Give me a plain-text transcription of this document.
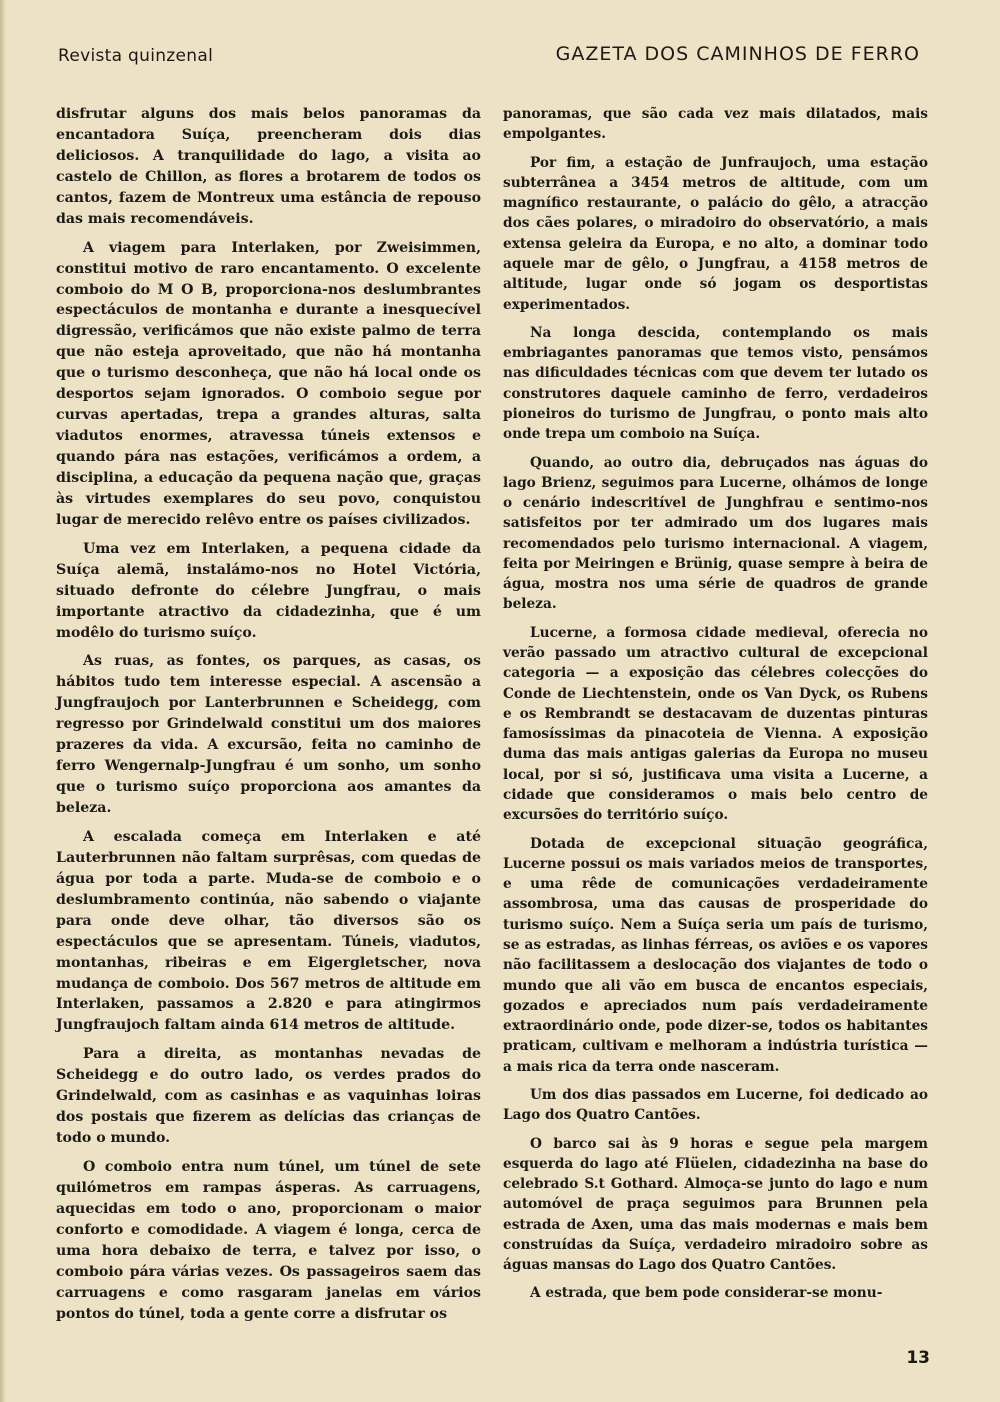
Revista quinzenal	GAZETA DOS CAMINHOS DE FERRO

disfrutar alguns dos mais belos panoramas da encantadora Suíça, preencheram dois dias deliciosos. A tranquilidade do lago, a visita ao castelo de Chillon, as flores a brotarem de todos os cantos, fazem de Montreux uma estância de repouso das mais recomendáveis.

A viagem para Interlaken, por Zweisimmen, constitui motivo de raro encantamento. O excelente comboio do M O B, proporciona-nos deslumbrantes espectáculos de montanha e durante a inesquecível digressão, verificámos que não existe palmo de terra que não esteja aproveitado, que não há montanha que o turismo desconheça, que não há local onde os desportos sejam ignorados. O comboio segue por curvas apertadas, trepa a grandes alturas, salta viadutos enormes, atravessa túneis extensos e quando pára nas estações, verificámos a ordem, a disciplina, a educação da pequena nação que, graças às virtudes exemplares do seu povo, conquistou lugar de merecido relêvo entre os países civilizados.

Uma vez em Interlaken, a pequena cidade da Suíça alemã, instalámo-nos no Hotel Victória, situado defronte do célebre Jungfrau, o mais importante atractivo da cidadezinha, que é um modêlo do turismo suíço.

As ruas, as fontes, os parques, as casas, os hábitos tudo tem interesse especial. A ascensão a Jungfraujoch por Lanterbrunnen e Scheidegg, com regresso por Grindelwald constitui um dos maiores prazeres da vida. A excursão, feita no caminho de ferro Wengernalp-Jungfrau é um sonho, um sonho que o turismo suíço proporciona aos amantes da beleza.

A escalada começa em Interlaken e até Lauterbrunnen não faltam surprêsas, com quedas de água por toda a parte. Muda-se de comboio e o deslumbramento continúa, não sabendo o viajante para onde deve olhar, tão diversos são os espectáculos que se apresentam. Túneis, viadutos, montanhas, ribeiras e em Eigergletscher, nova mudança de comboio. Dos 567 metros de altitude em Interlaken, passamos a 2.820 e para atingirmos Jungfraujoch faltam ainda 614 metros de altitude.

Para a direita, as montanhas nevadas de Scheidegg e do outro lado, os verdes prados do Grindelwald, com as casinhas e as vaquinhas loiras dos postais que fizerem as delícias das crianças de todo o mundo.

O comboio entra num túnel, um túnel de sete quilómetros em rampas ásperas. As carruagens, aquecidas em todo o ano, proporcionam o maior conforto e comodidade. A viagem é longa, cerca de uma hora debaixo de terra, e talvez por isso, o comboio pára várias vezes. Os passageiros saem das carruagens e como rasgaram janelas em vários pontos do túnel, toda a gente corre a disfrutar os

panoramas, que são cada vez mais dilatados, mais empolgantes.

Por fim, a estação de Junfraujoch, uma estação subterrânea a 3454 metros de altitude, com um magnífico restaurante, o palácio do gêlo, a atracção dos cães polares, o miradoiro do observatório, a mais extensa geleira da Europa, e no alto, a dominar todo aquele mar de gêlo, o Jungfrau, a 4158 metros de altitude, lugar onde só jogam os desportistas experimentados.

Na longa descida, contemplando os mais embriagantes panoramas que temos visto, pensámos nas dificuldades técnicas com que devem ter lutado os construtores daquele caminho de ferro, verdadeiros pioneiros do turismo de Jungfrau, o ponto mais alto onde trepa um comboio na Suíça.

Quando, ao outro dia, debruçados nas águas do lago Brienz, seguimos para Lucerne, olhámos de longe o cenário indescritível de Junghfrau e sentimo-nos satisfeitos por ter admirado um dos lugares mais recomendados pelo turismo internacional. A viagem, feita por Meiringen e Brünig, quase sempre à beira de água, mostra nos uma série de quadros de grande beleza.

Lucerne, a formosa cidade medieval, oferecia no verão passado um atractivo cultural de excepcional categoria — a exposição das célebres colecções do Conde de Liechtenstein, onde os Van Dyck, os Rubens e os Rembrandt se destacavam de duzentas pinturas famosíssimas da pinacoteia de Vienna. A exposição duma das mais antigas galerias da Europa no museu local, por si só, justificava uma visita a Lucerne, a cidade que consideramos o mais belo centro de excursões do território suíço.

Dotada de excepcional situação geográfica, Lucerne possui os mais variados meios de transportes, e uma rêde de comunicações verdadeiramente assombrosa, uma das causas de prosperidade do turismo suíço. Nem a Suíça seria um país de turismo, se as estradas, as linhas férreas, os aviões e os vapores não facilitassem a deslocação dos viajantes de todo o mundo que ali vão em busca de encantos especiais, gozados e apreciados num país verdadeiramente extraordinário onde, pode dizer-se, todos os habitantes praticam, cultivam e melhoram a indústria turística — a mais rica da terra onde nasceram.

Um dos dias passados em Lucerne, foi dedicado ao Lago dos Quatro Cantões.

O barco sai às 9 horas e segue pela margem esquerda do lago até Flüelen, cidadezinha na base do celebrado S.t Gothard. Almoça-se junto do lago e num automóvel de praça seguimos para Brunnen pela estrada de Axen, uma das mais modernas e mais bem construídas da Suíça, verdadeiro miradoiro sobre as águas mansas do Lago dos Quatro Cantões.

A estrada, que bem pode considerar-se monu-

13
